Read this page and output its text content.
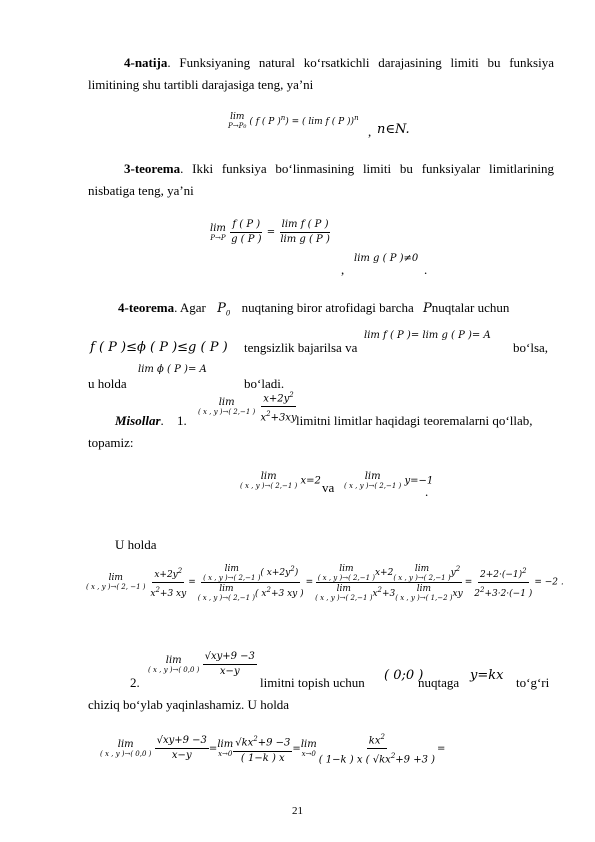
4-natija. Funksiyaning natural ko‘rsatkichli darajasining limiti bu funksiya
limitining shu tartibli darajasiga teng, ya’ni
lim
P→P0 ( f ( P )$^n$) = ( lim f ( P ))$^n$
, n∈N.
3-teorema. Ikki funksiya bo‘linmasining limiti bu funksiyalar limitlarining
nisbatiga teng, ya’ni
lim
P→P
$\frac{f ( P )}{g ( P )} = \frac{\text{lim f ( P )}}{\text{lim g ( P )}}$
,
lim g ( P )≠0
.
4-teorema. Agar $P_0$ nuqtaning biror atrofidagi barcha Pnuqtalar uchun
f ( P )≤ϕ ( P )≤g ( P ) tengsizlik bajarilsa va
lim f ( P )= lim g ( P )= A
bo‘lsa,
u holda
lim ϕ ( P )= A
bo‘ladi.
Misollar. 1.
lim
( x , y )→( 2,−1 )
$\frac{x+2y^2}{x^2+3xy}$
limitni limitlar haqidagi teoremalarni qo‘llab,
topamiz:
lim
( x , y )→( 2,−1 ) x=2 va
lim
( x , y )→( 2,−1 ) y=−1
.
U holda
lim
( x , y )→( 2, −1 )
$\frac{x+2y^2}{x^2+3 xy} = \lim$
( x , y )→( 2,−1 ) ( $x+2y^2$)
lim
( x , y )→( 2,−1 ) ( $x^2+3$ xy ) = lim
( x , y )→( 2,−1 ) x+2 lim
( x , y )→( 2,−1 ) $y^2$
lim
( x , y )→( 2,−1 ) $x^2+3$ lim
( x , y )→( 1,−2 ) xy = $\frac{2+2\cdot(-1)^2}{2^2+3\cdot 2\cdot(-1 )} = -2$ .
2.
lim
( x , y )→( 0,0 )
$\frac{√xy+9 -3}{x-y}$
limitni topish uchun ( 0;0 )
nuqtaga y=kx to‘g‘ri
chiziq bo‘ylab yaqinlashamiz. U holda
lim
( x , y )→( 0,0 )
$\frac{√xy+9 -3}{x-y} = \lim$
$x\to 0 \frac{√kx^2+9 -3}{( 1-k ) x} = \lim$
$x\to 0 \frac{kx^2}{( 1-k ) x ( √kx^2+9 +3 )}$ =
21
